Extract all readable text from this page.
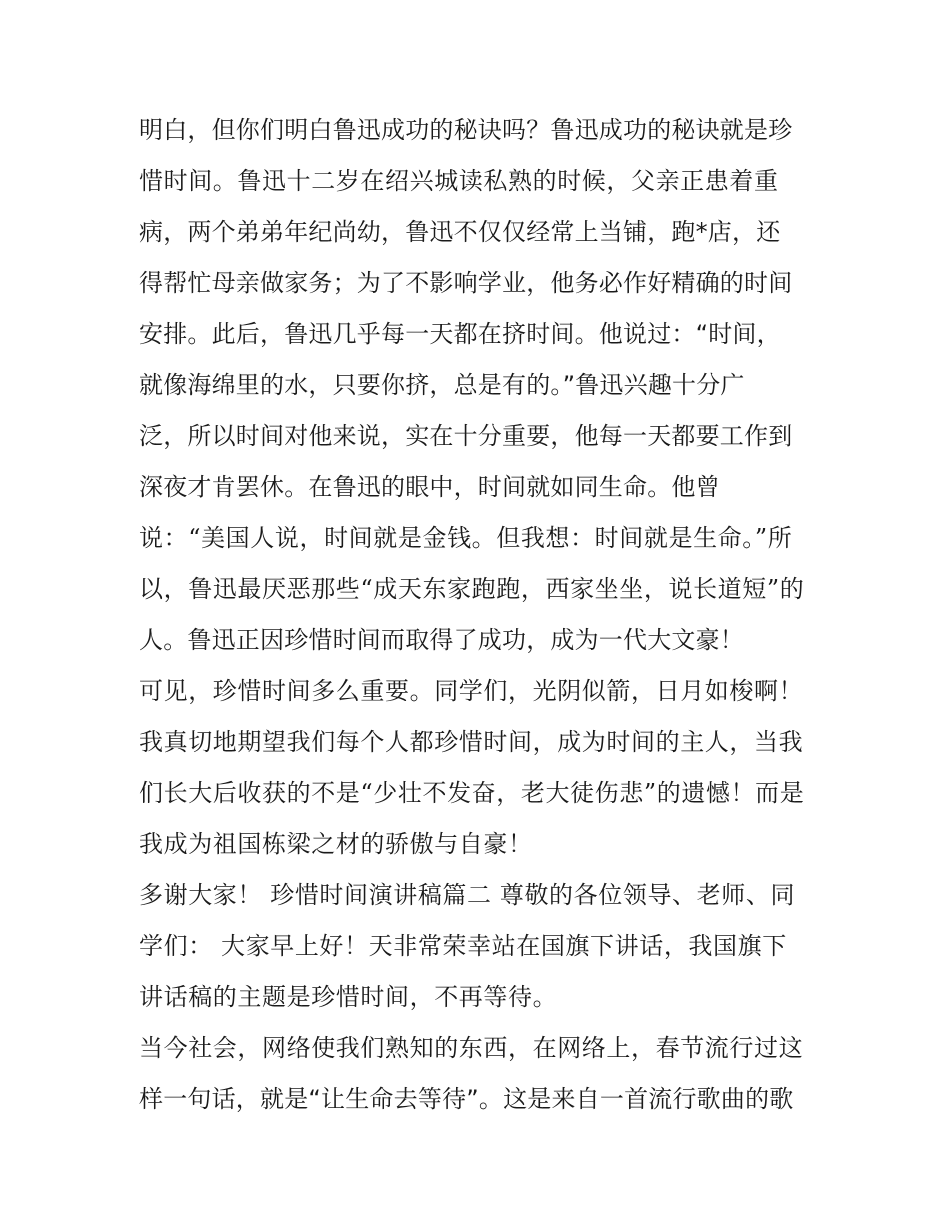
明白，但你们明白鲁迅成功的秘诀吗？鲁迅成功的秘诀就是珍
惜时间。鲁迅十二岁在绍兴城读私熟的时候，父亲正患着重
病，两个弟弟年纪尚幼，鲁迅不仅仅经常上当铺，跑*店，还
得帮忙母亲做家务；为了不影响学业，他务必作好精确的时间
安排。此后，鲁迅几乎每一天都在挤时间。他说过：“时间，
就像海绵里的水，只要你挤，总是有的。”鲁迅兴趣十分广
泛，所以时间对他来说，实在十分重要，他每一天都要工作到
深夜才肯罢休。在鲁迅的眼中，时间就如同生命。他曾
说：“美国人说，时间就是金钱。但我想：时间就是生命。”所
以，鲁迅最厌恶那些“成天东家跑跑，西家坐坐，说长道短”的
人。鲁迅正因珍惜时间而取得了成功，成为一代大文豪！
可见，珍惜时间多么重要。同学们，光阴似箭，日月如梭啊！
我真切地期望我们每个人都珍惜时间，成为时间的主人，当我
们长大后收获的不是“少壮不发奋，老大徒伤悲”的遗憾！而是
我成为祖国栋梁之材的骄傲与自豪！
多谢大家！ 珍惜时间演讲稿篇二 尊敬的各位领导、老师、同
学们： 大家早上好！天非常荣幸站在国旗下讲话，我国旗下
讲话稿的主题是珍惜时间，不再等待。
当今社会，网络使我们熟知的东西，在网络上，春节流行过这
样一句话，就是“让生命去等待”。这是来自一首流行歌曲的歌
